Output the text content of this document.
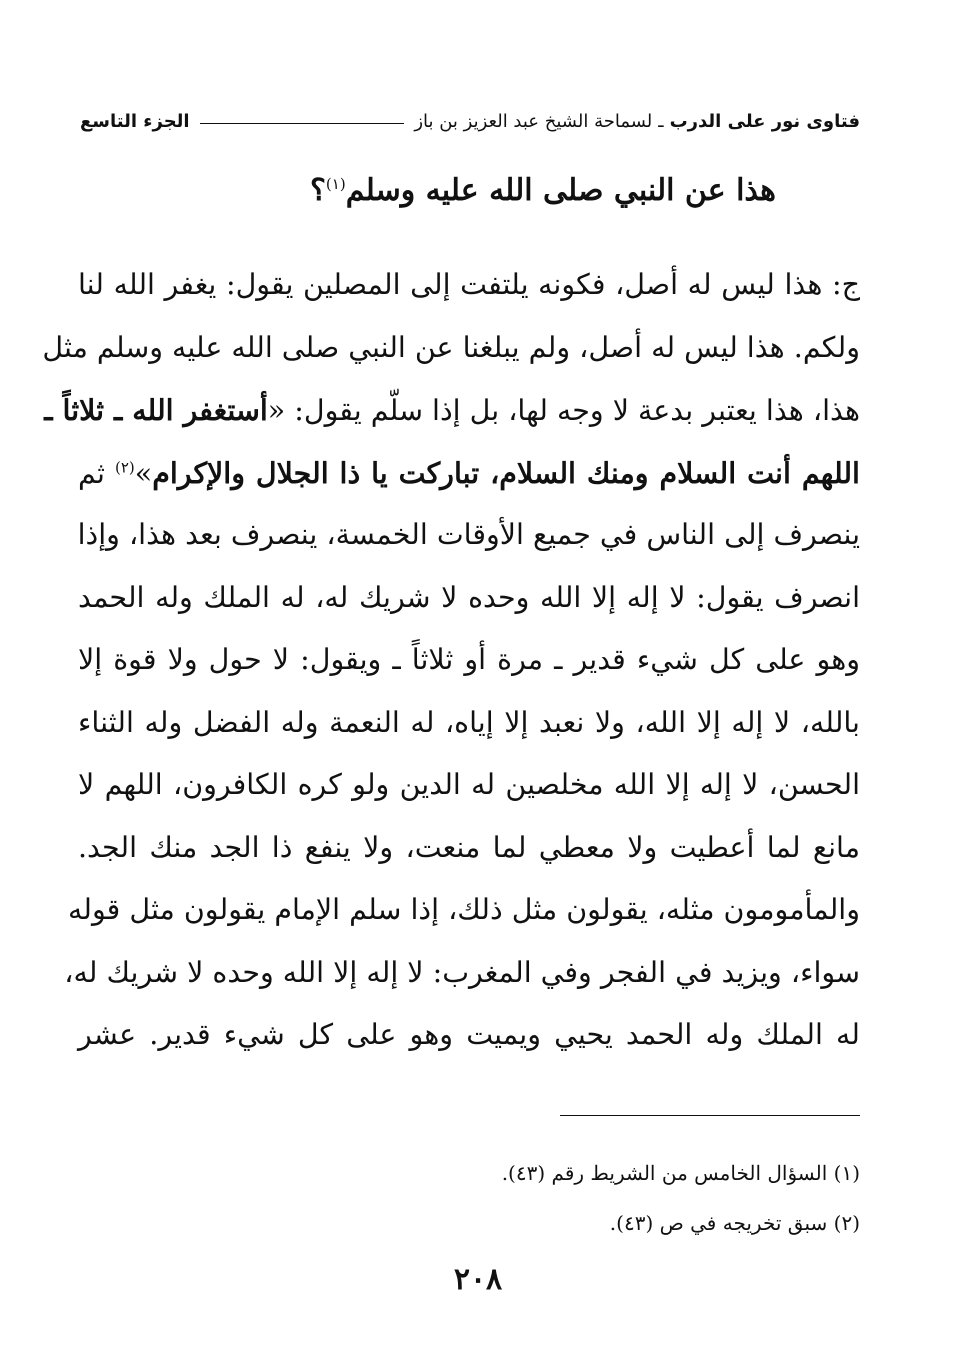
فتاوى نور على الدرب
ـ
لسماحة الشيخ عبد العزيز بن باز
الجزء التاسع
هذا عن النبي صلى الله عليه وسلم$^{(١)}$؟
ج: هذا ليس له أصل، فكونه يلتفت إلى المصلين يقول: يغفر الله لنا
ولكم. هذا ليس له أصل، ولم يبلغنا عن النبي صلى الله عليه وسلم مثل
هذا، هذا يعتبر بدعة لا وجه لها، بل إذا سلّم يقول: «أستغفر الله ـ ثلاثاً ـ
اللهم أنت السلام ومنك السلام، تباركت يا ذا الجلال والإكرام»$^{(٢)}$ ثم
ينصرف إلى الناس في جميع الأوقات الخمسة، ينصرف بعد هذا، وإذا
انصرف يقول: لا إله إلا الله وحده لا شريك له، له الملك وله الحمد
وهو على كل شيء قدير ـ مرة أو ثلاثاً ـ ويقول: لا حول ولا قوة إلا
بالله، لا إله إلا الله، ولا نعبد إلا إياه، له النعمة وله الفضل وله الثناء
الحسن، لا إله إلا الله مخلصين له الدين ولو كره الكافرون، اللهم لا
مانع لما أعطيت ولا معطي لما منعت، ولا ينفع ذا الجد منك الجد.
والمأمومون مثله، يقولون مثل ذلك، إذا سلم الإمام يقولون مثل قوله
سواء، ويزيد في الفجر وفي المغرب: لا إله إلا الله وحده لا شريك له،
له الملك وله الحمد يحيي ويميت وهو على كل شيء قدير. عشر
(١) السؤال الخامس من الشريط رقم (٤٣).
(٢) سبق تخريجه في ص (٤٣).
٢٠٨
